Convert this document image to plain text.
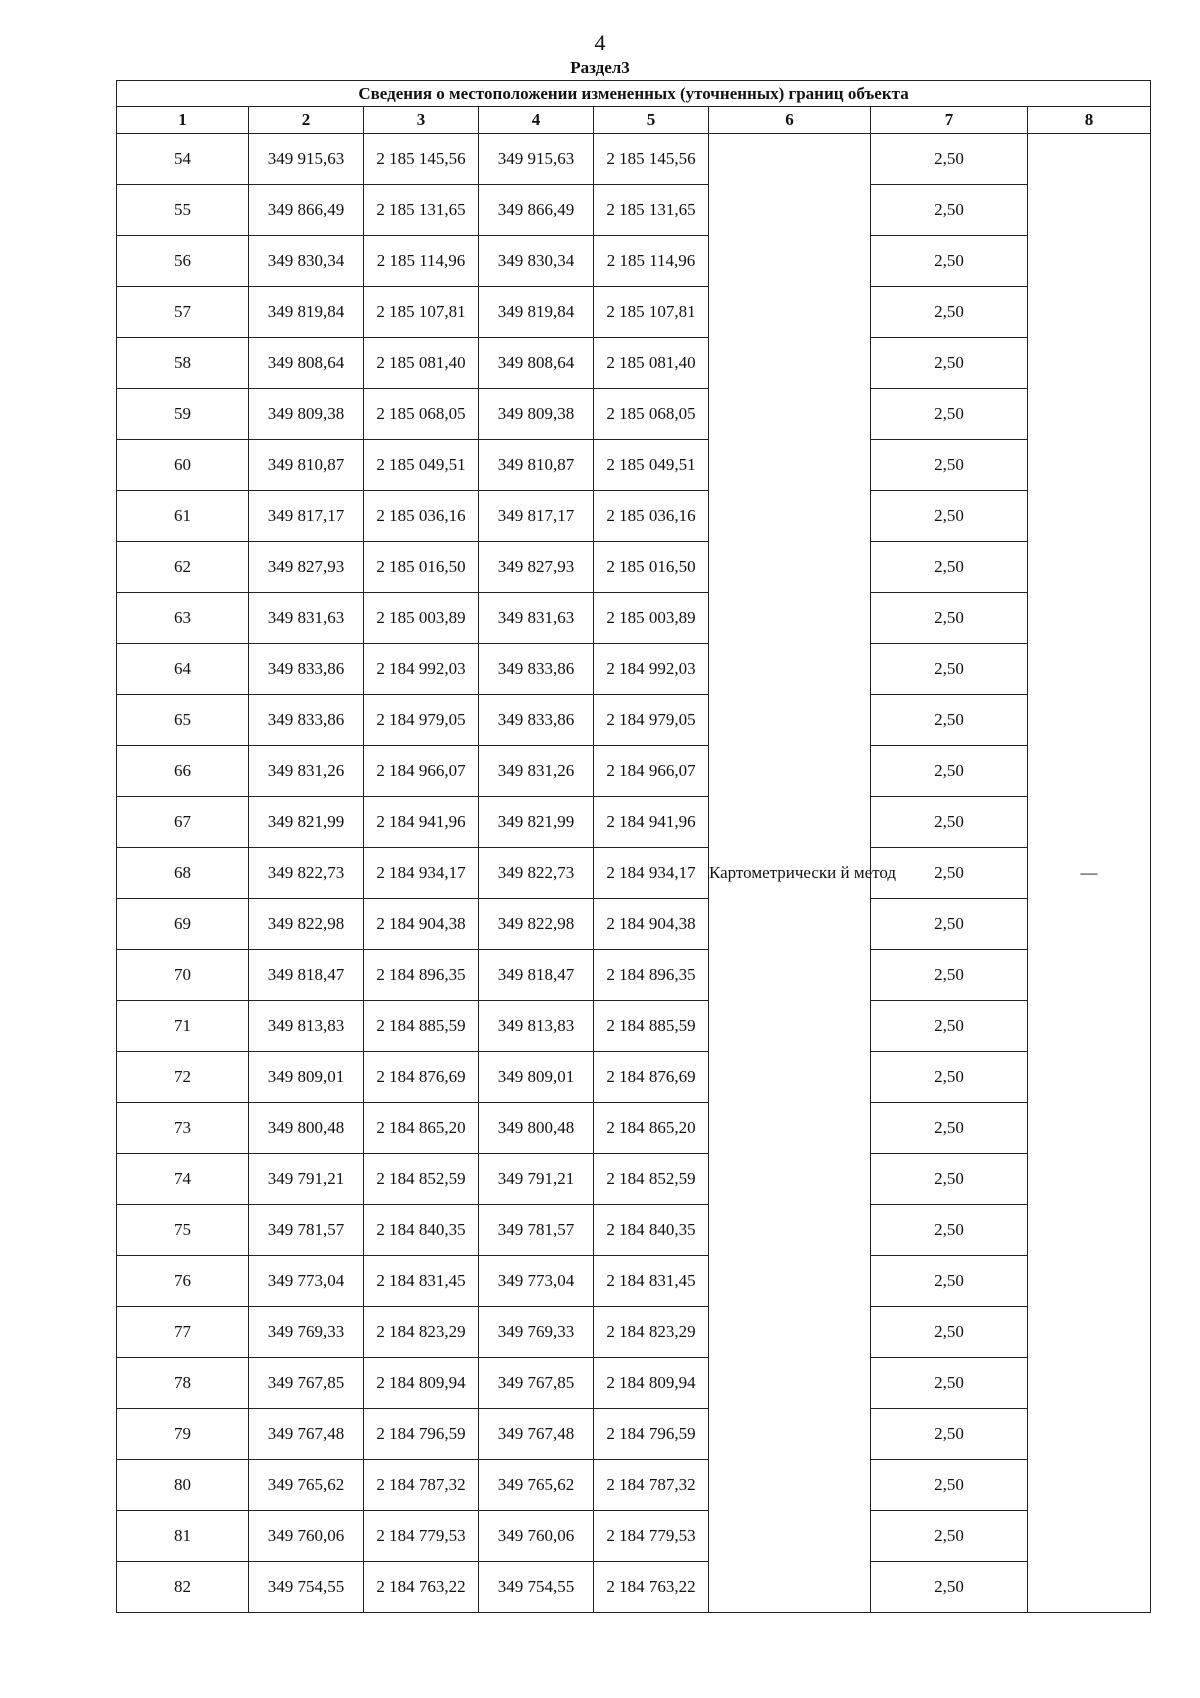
4
Раздел3
Сведения о местоположении измененных (уточненных) границ объекта							
1	2	3	4	5	6	7	8
54	349 915,63	2 185 145,56	349 915,63	2 185 145,56	Картометрически й метод	2,50	—
55	349 866,49	2 185 131,65	349 866,49	2 185 131,65		2,50	
56	349 830,34	2 185 114,96	349 830,34	2 185 114,96		2,50	
57	349 819,84	2 185 107,81	349 819,84	2 185 107,81		2,50	
58	349 808,64	2 185 081,40	349 808,64	2 185 081,40		2,50	
59	349 809,38	2 185 068,05	349 809,38	2 185 068,05		2,50	
60	349 810,87	2 185 049,51	349 810,87	2 185 049,51		2,50	
61	349 817,17	2 185 036,16	349 817,17	2 185 036,16		2,50	
62	349 827,93	2 185 016,50	349 827,93	2 185 016,50		2,50	
63	349 831,63	2 185 003,89	349 831,63	2 185 003,89		2,50	
64	349 833,86	2 184 992,03	349 833,86	2 184 992,03		2,50	
65	349 833,86	2 184 979,05	349 833,86	2 184 979,05		2,50	
66	349 831,26	2 184 966,07	349 831,26	2 184 966,07		2,50	
67	349 821,99	2 184 941,96	349 821,99	2 184 941,96		2,50	
68	349 822,73	2 184 934,17	349 822,73	2 184 934,17		2,50	
69	349 822,98	2 184 904,38	349 822,98	2 184 904,38		2,50	
70	349 818,47	2 184 896,35	349 818,47	2 184 896,35		2,50	
71	349 813,83	2 184 885,59	349 813,83	2 184 885,59		2,50	
72	349 809,01	2 184 876,69	349 809,01	2 184 876,69		2,50	
73	349 800,48	2 184 865,20	349 800,48	2 184 865,20		2,50	
74	349 791,21	2 184 852,59	349 791,21	2 184 852,59		2,50	
75	349 781,57	2 184 840,35	349 781,57	2 184 840,35		2,50	
76	349 773,04	2 184 831,45	349 773,04	2 184 831,45		2,50	
77	349 769,33	2 184 823,29	349 769,33	2 184 823,29		2,50	
78	349 767,85	2 184 809,94	349 767,85	2 184 809,94		2,50	
79	349 767,48	2 184 796,59	349 767,48	2 184 796,59		2,50	
80	349 765,62	2 184 787,32	349 765,62	2 184 787,32		2,50	
81	349 760,06	2 184 779,53	349 760,06	2 184 779,53		2,50	
82	349 754,55	2 184 763,22	349 754,55	2 184 763,22		2,50	
